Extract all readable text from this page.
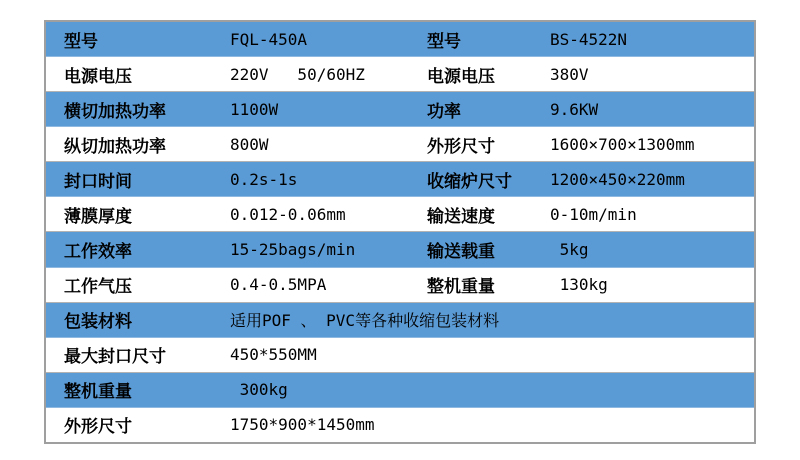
型号	FQL-450A	型号	BS-4522N
电源电压	220V   50/60HZ	电源电压	380V
横切加热功率	1100W	功率	9.6KW
纵切加热功率	800W	外形尺寸	1600×700×1300mm
封口时间	0.2s-1s	收缩炉尺寸	1200×450×220mm
薄膜厚度	0.012-0.06mm	输送速度	0-10m/min
工作效率	15-25bags/min	输送载重	5kg
工作气压	0.4-0.5MPA	整机重量	130kg
包装材料	适用POF 、 PVC等各种收缩包装材料
最大封口尺寸	450*550MM
整机重量	300kg
外形尺寸	1750*900*1450mm
